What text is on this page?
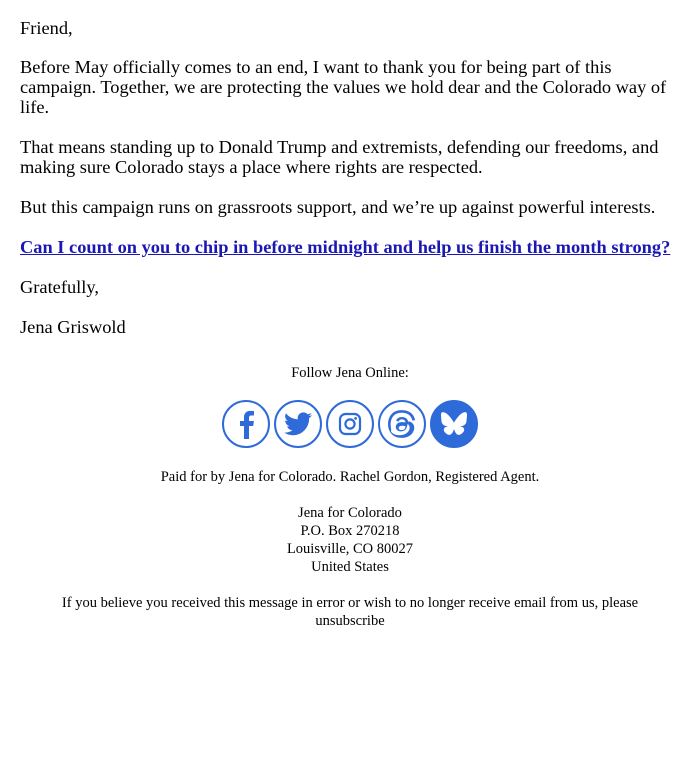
Friend,

Before May officially comes to an end, I want to thank you for being part of this campaign. Together, we are protecting the values we hold dear and the Colorado way of life.

That means standing up to Donald Trump and extremists, defending our freedoms, and making sure Colorado stays a place where rights are respected.

But this campaign runs on grassroots support, and we’re up against powerful interests.

Can I count on you to chip in before midnight and help us finish the month strong?

Gratefully,

Jena Griswold

Follow Jena Online:

Paid for by Jena for Colorado. Rachel Gordon, Registered Agent.

Jena for Colorado
P.O. Box 270218
Louisville, CO 80027
United States

If you believe you received this message in error or wish to no longer receive email from us, please unsubscribe
